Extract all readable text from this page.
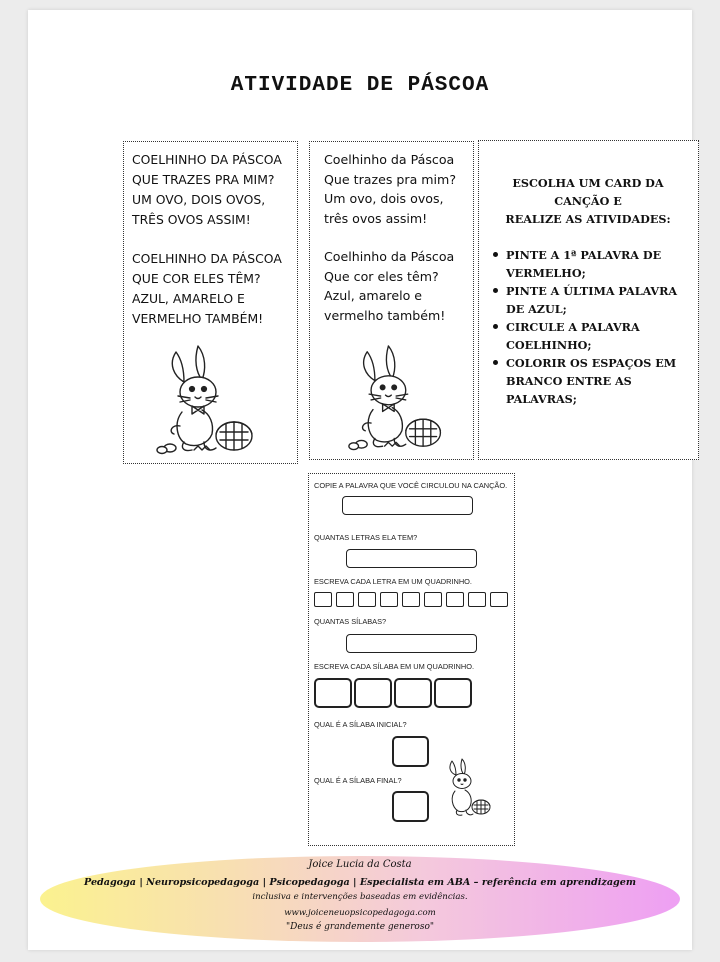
ATIVIDADE DE PÁSCOA

COELHINHO DA PÁSCOA

QUE TRAZES PRA MIM?

UM OVO, DOIS OVOS,

TRÊS OVOS ASSIM!

COELHINHO DA PÁSCOA

QUE COR ELES TÊM?

AZUL, AMARELO E

VERMELHO TAMBÉM!

Coelhinho da Páscoa

Que trazes pra mim?

Um ovo, dois ovos,

três ovos assim!

Coelhinho da Páscoa

Que cor eles têm?

Azul, amarelo e

vermelho também!

ESCOLHA UM CARD DA
CANÇÃO E
REALIZE AS ATIVIDADES:
PINTE A 1ª PALAVRA DE VERMELHO;
PINTE A ÚLTIMA PALAVRA DE AZUL;
CIRCULE A PALAVRA COELHINHO;
COLORIR OS ESPAÇOS EM BRANCO ENTRE AS PALAVRAS;
COPIE A PALAVRA QUE VOCÊ CIRCULOU NA CANÇÃO.
QUANTAS LETRAS ELA TEM?
ESCREVA CADA LETRA EM UM QUADRINHO.
QUANTAS SÍLABAS?
ESCREVA CADA SÍLABA EM UM QUADRINHO.
QUAL É A SÍLABA INICIAL?
QUAL É A SÍLABA FINAL?
Joice Lucia da Costa
Pedagoga | Neuropsicopedagoga | Psicopedagoga | Especialista em ABA – referência em aprendizagem
inclusiva e intervenções baseadas em evidências.
www.joiceneuopsicopedagoga.com
"Deus é grandemente generoso"
